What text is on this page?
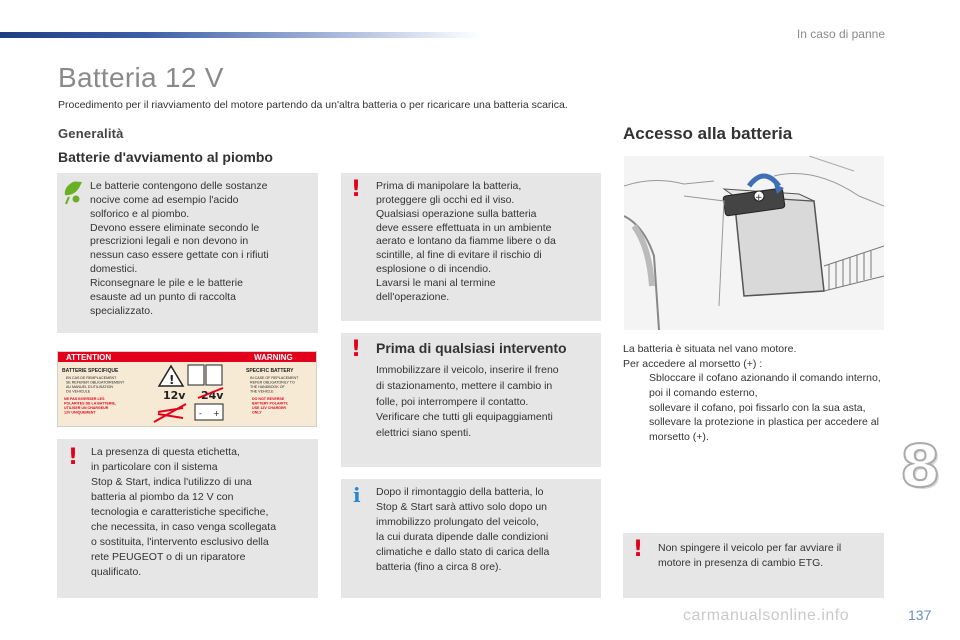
In caso di panne
Batteria 12 V
Procedimento per il riavviamento del motore partendo da un'altra batteria o per ricaricare una batteria scarica.
Generalità
Batterie d'avviamento al piombo
Le batterie contengono delle sostanze
nocive come ad esempio l'acido
solforico e al piombo.
Devono essere eliminate secondo le
prescrizioni legali e non devono in
nessun caso essere gettate con i rifiuti
domestici.
Riconsegnare le pile e le batterie
esauste ad un punto di raccolta
specializzato.
ATTENTION	WARNING
BATTERIE SPECIFIQUE
EN CAS DE REMPLACEMENT SE REFERER OBLIGATOIREMENT AU MANUEL D'UTILISATION DU VEHICULE
NE PAS INVERSER LES POLARITES DE LA BATTERIE, UTILISER UN CHARGEUR 12V UNIQUEMENT
SPECIFIC BATTERY
IN CASE OF REPLACEMENT REFER OBLIGATORILY TO THE HANDBOOK OF THE VEHICLE
DO NOT REVERSE BATTERY POLARITY, USE 12V CHARGER ONLY
!
12v 24v
- +
! La presenza di questa etichetta,
in particolare con il sistema
Stop & Start, indica l'utilizzo di una
batteria al piombo da 12 V con
tecnologia e caratteristiche specifiche,
che necessita, in caso venga scollegata
o sostituita, l'intervento esclusivo della
rete PEUGEOT o di un riparatore
qualificato.
! Prima di manipolare la batteria,
proteggere gli occhi ed il viso.
Qualsiasi operazione sulla batteria
deve essere effettuata in un ambiente
aerato e lontano da fiamme libere o da
scintille, al fine di evitare il rischio di
esplosione o di incendio.
Lavarsi le mani al termine
dell'operazione.
! Prima di qualsiasi intervento
Immobilizzare il veicolo, inserire il freno
di stazionamento, mettere il cambio in
folle, poi interrompere il contatto.
Verificare che tutti gli equipaggiamenti
elettrici siano spenti.
i Dopo il rimontaggio della batteria, lo
Stop & Start sarà attivo solo dopo un
immobilizzo prolungato del veicolo,
la cui durata dipende dalle condizioni
climatiche e dallo stato di carica della
batteria (fino a circa 8 ore).
Accesso alla batteria
+
La batteria è situata nel vano motore.
Per accedere al morsetto (+) :
Sbloccare il cofano azionando il comando interno, poi il comando esterno,
sollevare il cofano, poi fissarlo con la sua asta,
sollevare la protezione in plastica per accedere al morsetto (+).
! Non spingere il veicolo per far avviare il
motore in presenza di cambio ETG.
8
carmanualsonline.info	137
